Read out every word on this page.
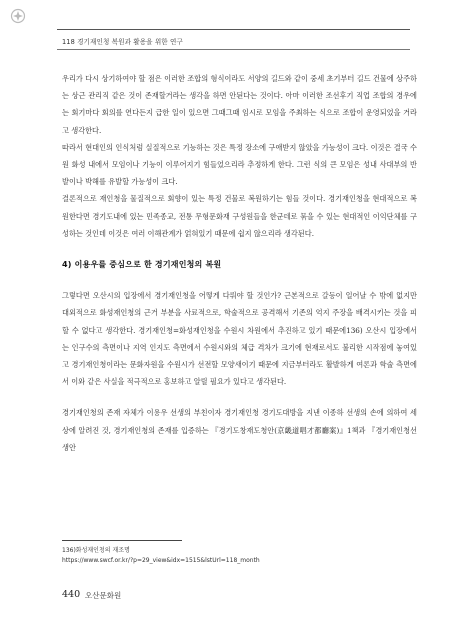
118 경기재인청 복원과 활용을 위한 연구

우리가 다시 상기하여야 할 점은 이러한 조합의 형식이라도 서양의 길드와 같이 중세 초기부터 길드 건물에 상주하는 상근 관리직 같은 것이 존재할거라는 생각을 하면 안된다는 것이다. 아마 이러한 조선후기 직업 조합의 경우에는 회기마다 회의를 연다든지 급한 일이 있으면 그때그때 임시로 모임을 주최하는 식으로 조합이 운영되었을 거라고 생각한다.

따라서 현대인의 인식처럼 실질적으로 기능하는 것은 특정 장소에 구애받지 않았을 가능성이 크다. 이것은 결국 수원 화성 내에서 모임이나 기능이 이루어지기 힘들었으리라 추정하게 한다. 그런 식의 큰 모임은 성내 사대부의 반발이나 박해를 유발할 가능성이 크다.

결론적으로 재인청을 물질적으로 회향이 있는 특정 건물로 복원하기는 힘들 것이다. 경기재인청을 현대적으로 복원한다면 경기도내에 있는 민족종교, 전통 무형문화재 구성원들을 한군데로 묶을 수 있는 현대적인 이익단체를 구성하는 것인데 이것은 여러 이해관계가 얽혀있기 때문에 쉽지 않으리라 생각된다.

4) 이용우를 중심으로 한 경기재인청의 복원

그렇다면 오산시의 입장에서 경기재인청을 어떻게 다뤄야 할 것인가? 근본적으로 갈등이 일어날 수 밖에 없지만 대외적으로 화성재인청의 근거 부분을 사료적으로, 학술적으로 공격해서 기존의 억지 주장을 배격시키는 것을 피할 수 없다고 생각한다. 경기재인청=화성재인청을 수원시 차원에서 추진하고 있기 때문에136) 오산시 입장에서는 인구수의 측면이나 지역 인지도 측면에서 수원시와의 체급 격차가 크기에 현재로서도 불리한 시작점에 놓여있고 경기재인청이라는 문화자원을 수원시가 선전할 모양새이기 때문에 지금부터라도 활발하게 여론과 학술 측면에서 이와 같은 사실을 적극적으로 홍보하고 알릴 필요가 있다고 생각된다.

경기재인청의 존재 자체가 이용우 선생의 부친이자 경기재인청 경기도대방을 지낸 이종하 선생의 손에 의하여 세상에 알려진 것, 경기재인청의 존재를 입증하는 『경기도창재도청안(京畿道唱才都廳案)』1책과 『경기재인청선생안

136)화성재인청의 재조명
https://www.swcf.or.kr/?p=29_view&idx=1515&lstUrl=118_month
440 오산문화원
